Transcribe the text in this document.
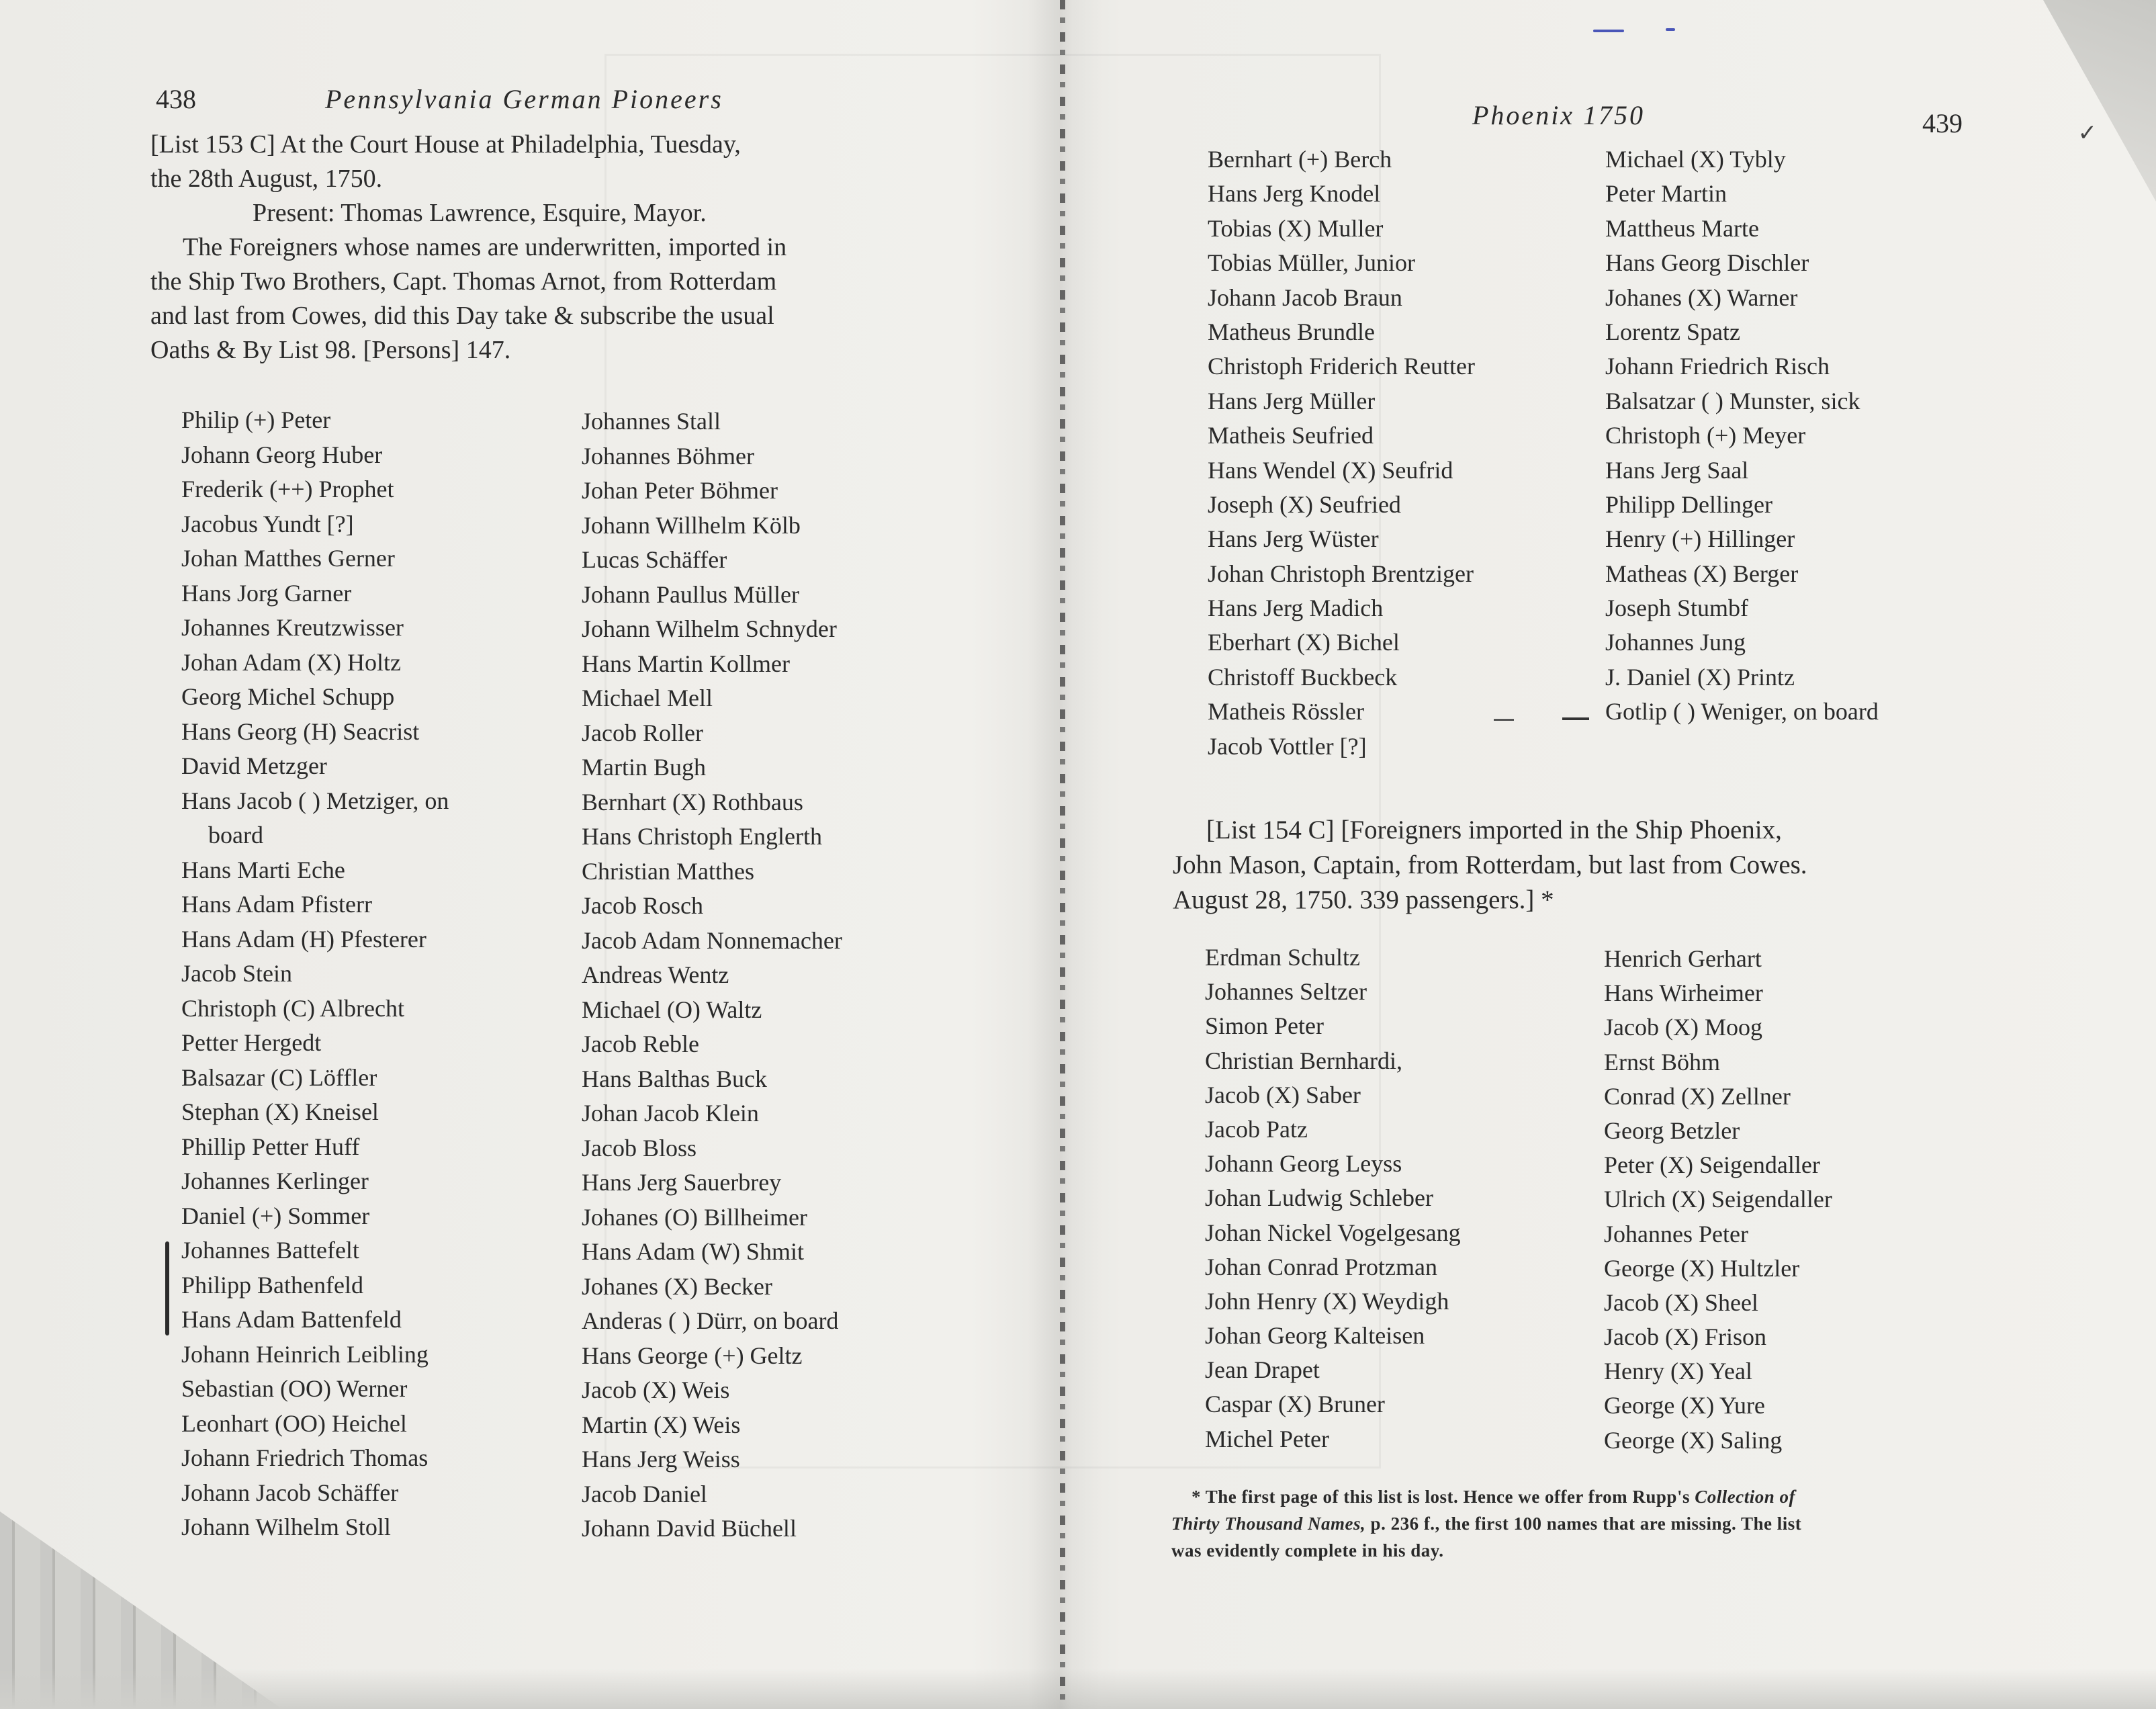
438	Pennsylvania German Pioneers
[List 153 C] At the Court House at Philadelphia, Tuesday,
the 28th August, 1750.
Present: Thomas Lawrence, Esquire, Mayor.
The Foreigners whose names are underwritten, imported in
the Ship Two Brothers, Capt. Thomas Arnot, from Rotterdam
and last from Cowes, did this Day take & subscribe the usual
Oaths & By List 98. [Persons] 147.
Philip (+) Peter
Johann Georg Huber
Frederik (++) Prophet
Jacobus Yundt [?]
Johan Matthes Gerner
Hans Jorg Garner
Johannes Kreutzwisser
Johan Adam (X) Holtz
Georg Michel Schupp
Hans Georg (H) Seacrist
David Metzger
Hans Jacob ( ) Metziger, on
board
Hans Marti Eche
Hans Adam Pfisterr
Hans Adam (H) Pfesterer
Jacob Stein
Christoph (C) Albrecht
Petter Hergedt
Balsazar (C) Löffler
Stephan (X) Kneisel
Phillip Petter Huff
Johannes Kerlinger
Daniel (+) Sommer
Johannes Battefelt
Philipp Bathenfeld
Hans Adam Battenfeld
Johann Heinrich Leibling
Sebastian (OO) Werner
Leonhart (OO) Heichel
Johann Friedrich Thomas
Johann Jacob Schäffer
Johann Wilhelm Stoll
Johannes Stall
Johannes Böhmer
Johan Peter Böhmer
Johann Willhelm Kölb
Lucas Schäffer
Johann Paullus Müller
Johann Wilhelm Schnyder
Hans Martin Kollmer
Michael Mell
Jacob Roller
Martin Bugh
Bernhart (X) Rothbaus
Hans Christoph Englerth
Christian Matthes
Jacob Rosch
Jacob Adam Nonnemacher
Andreas Wentz
Michael (O) Waltz
Jacob Reble
Hans Balthas Buck
Johan Jacob Klein
Jacob Bloss
Hans Jerg Sauerbrey
Johanes (O) Billheimer
Hans Adam (W) Shmit
Johanes (X) Becker
Anderas ( ) Dürr, on board
Hans George (+) Geltz
Jacob (X) Weis
Martin (X) Weis
Hans Jerg Weiss
Jacob Daniel
Johann David Büchell
Phoenix 1750	439
Bernhart (+) Berch
Hans Jerg Knodel
Tobias (X) Muller
Tobias Müller, Junior
Johann Jacob Braun
Matheus Brundle
Christoph Friderich Reutter
Hans Jerg Müller
Matheis Seufried
Hans Wendel (X) Seufrid
Joseph (X) Seufried
Hans Jerg Wüster
Johan Christoph Brentziger
Hans Jerg Madich
Eberhart (X) Bichel
Christoff Buckbeck
Matheis Rössler
Jacob Vottler [?]
Michael (X) Tybly
Peter Martin
Mattheus Marte
Hans Georg Dischler
Johanes (X) Warner
Lorentz Spatz
Johann Friedrich Risch
Balsatzar ( ) Munster, sick
Christoph (+) Meyer
Hans Jerg Saal
Philipp Dellinger
Henry (+) Hillinger
Matheas (X) Berger
Joseph Stumbf
Johannes Jung
J. Daniel (X) Printz
Gotlip ( ) Weniger, on board
[List 154 C] [Foreigners imported in the Ship Phoenix,
John Mason, Captain, from Rotterdam, but last from Cowes.
August 28, 1750. 339 passengers.] *
Erdman Schultz
Johannes Seltzer
Simon Peter
Christian Bernhardi,
Jacob (X) Saber
Jacob Patz
Johann Georg Leyss
Johan Ludwig Schleber
Johan Nickel Vogelgesang
Johan Conrad Protzman
John Henry (X) Weydigh
Johan Georg Kalteisen
Jean Drapet
Caspar (X) Bruner
Michel Peter
Henrich Gerhart
Hans Wirheimer
Jacob (X) Moog
Ernst Böhm
Conrad (X) Zellner
Georg Betzler
Peter (X) Seigendaller
Ulrich (X) Seigendaller
Johannes Peter
George (X) Hultzler
Jacob (X) Sheel
Jacob (X) Frison
Henry (X) Yeal
George (X) Yure
George (X) Saling
* The first page of this list is lost. Hence we offer from Rupp's Collection of
Thirty Thousand Names, p. 236 f., the first 100 names that are missing. The list
was evidently complete in his day.
✓
